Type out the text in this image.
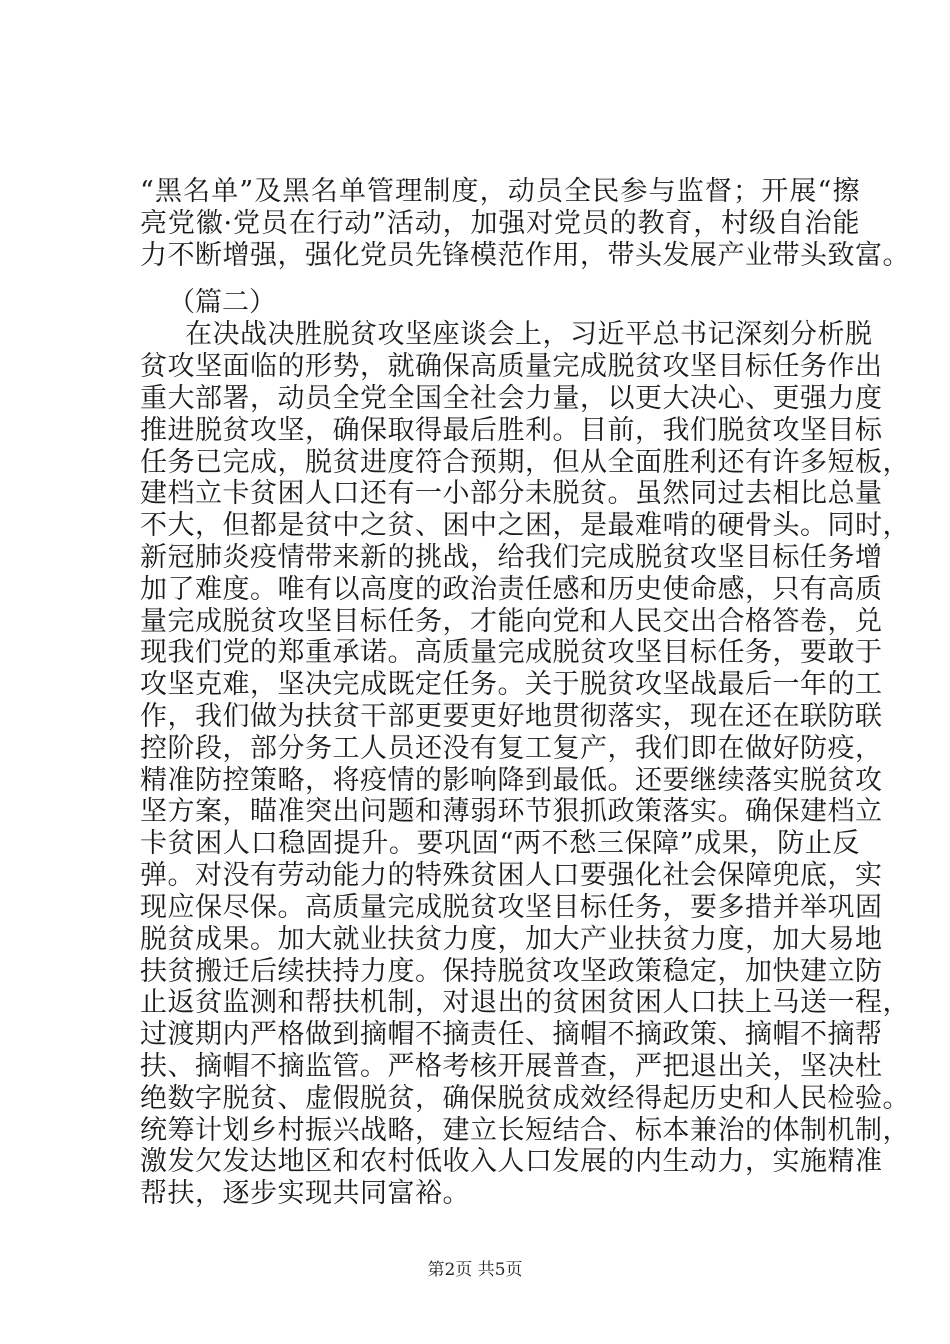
“黑名单”及黑名单管理制度，动员全民参与监督；开展“擦
亮党徽·党员在行动”活动，加强对党员的教育，村级自治能
力不断增强，强化党员先锋模范作用，带头发展产业带头致富。
（篇二）
在决战决胜脱贫攻坚座谈会上，习近平总书记深刻分析脱
贫攻坚面临的形势，就确保高质量完成脱贫攻坚目标任务作出
重大部署，动员全党全国全社会力量，以更大决心、更强力度
推进脱贫攻坚，确保取得最后胜利。目前，我们脱贫攻坚目标
任务已完成，脱贫进度符合预期，但从全面胜利还有许多短板，
建档立卡贫困人口还有一小部分未脱贫。虽然同过去相比总量
不大，但都是贫中之贫、困中之困，是最难啃的硬骨头。同时，
新冠肺炎疫情带来新的挑战，给我们完成脱贫攻坚目标任务增
加了难度。唯有以高度的政治责任感和历史使命感，只有高质
量完成脱贫攻坚目标任务，才能向党和人民交出合格答卷，兑
现我们党的郑重承诺。高质量完成脱贫攻坚目标任务，要敢于
攻坚克难，坚决完成既定任务。关于脱贫攻坚战最后一年的工
作，我们做为扶贫干部更要更好地贯彻落实，现在还在联防联
控阶段，部分务工人员还没有复工复产，我们即在做好防疫，
精准防控策略，将疫情的影响降到最低。还要继续落实脱贫攻
坚方案，瞄准突出问题和薄弱环节狠抓政策落实。确保建档立
卡贫困人口稳固提升。要巩固“两不愁三保障”成果，防止反
弹。对没有劳动能力的特殊贫困人口要强化社会保障兜底，实
现应保尽保。高质量完成脱贫攻坚目标任务，要多措并举巩固
脱贫成果。加大就业扶贫力度，加大产业扶贫力度，加大易地
扶贫搬迁后续扶持力度。保持脱贫攻坚政策稳定，加快建立防
止返贫监测和帮扶机制，对退出的贫困贫困人口扶上马送一程，
过渡期内严格做到摘帽不摘责任、摘帽不摘政策、摘帽不摘帮
扶、摘帽不摘监管。严格考核开展普查，严把退出关，坚决杜
绝数字脱贫、虚假脱贫，确保脱贫成效经得起历史和人民检验。
统筹计划乡村振兴战略，建立长短结合、标本兼治的体制机制，
激发欠发达地区和农村低收入人口发展的内生动力，实施精准
帮扶，逐步实现共同富裕。
第2页 共5页
